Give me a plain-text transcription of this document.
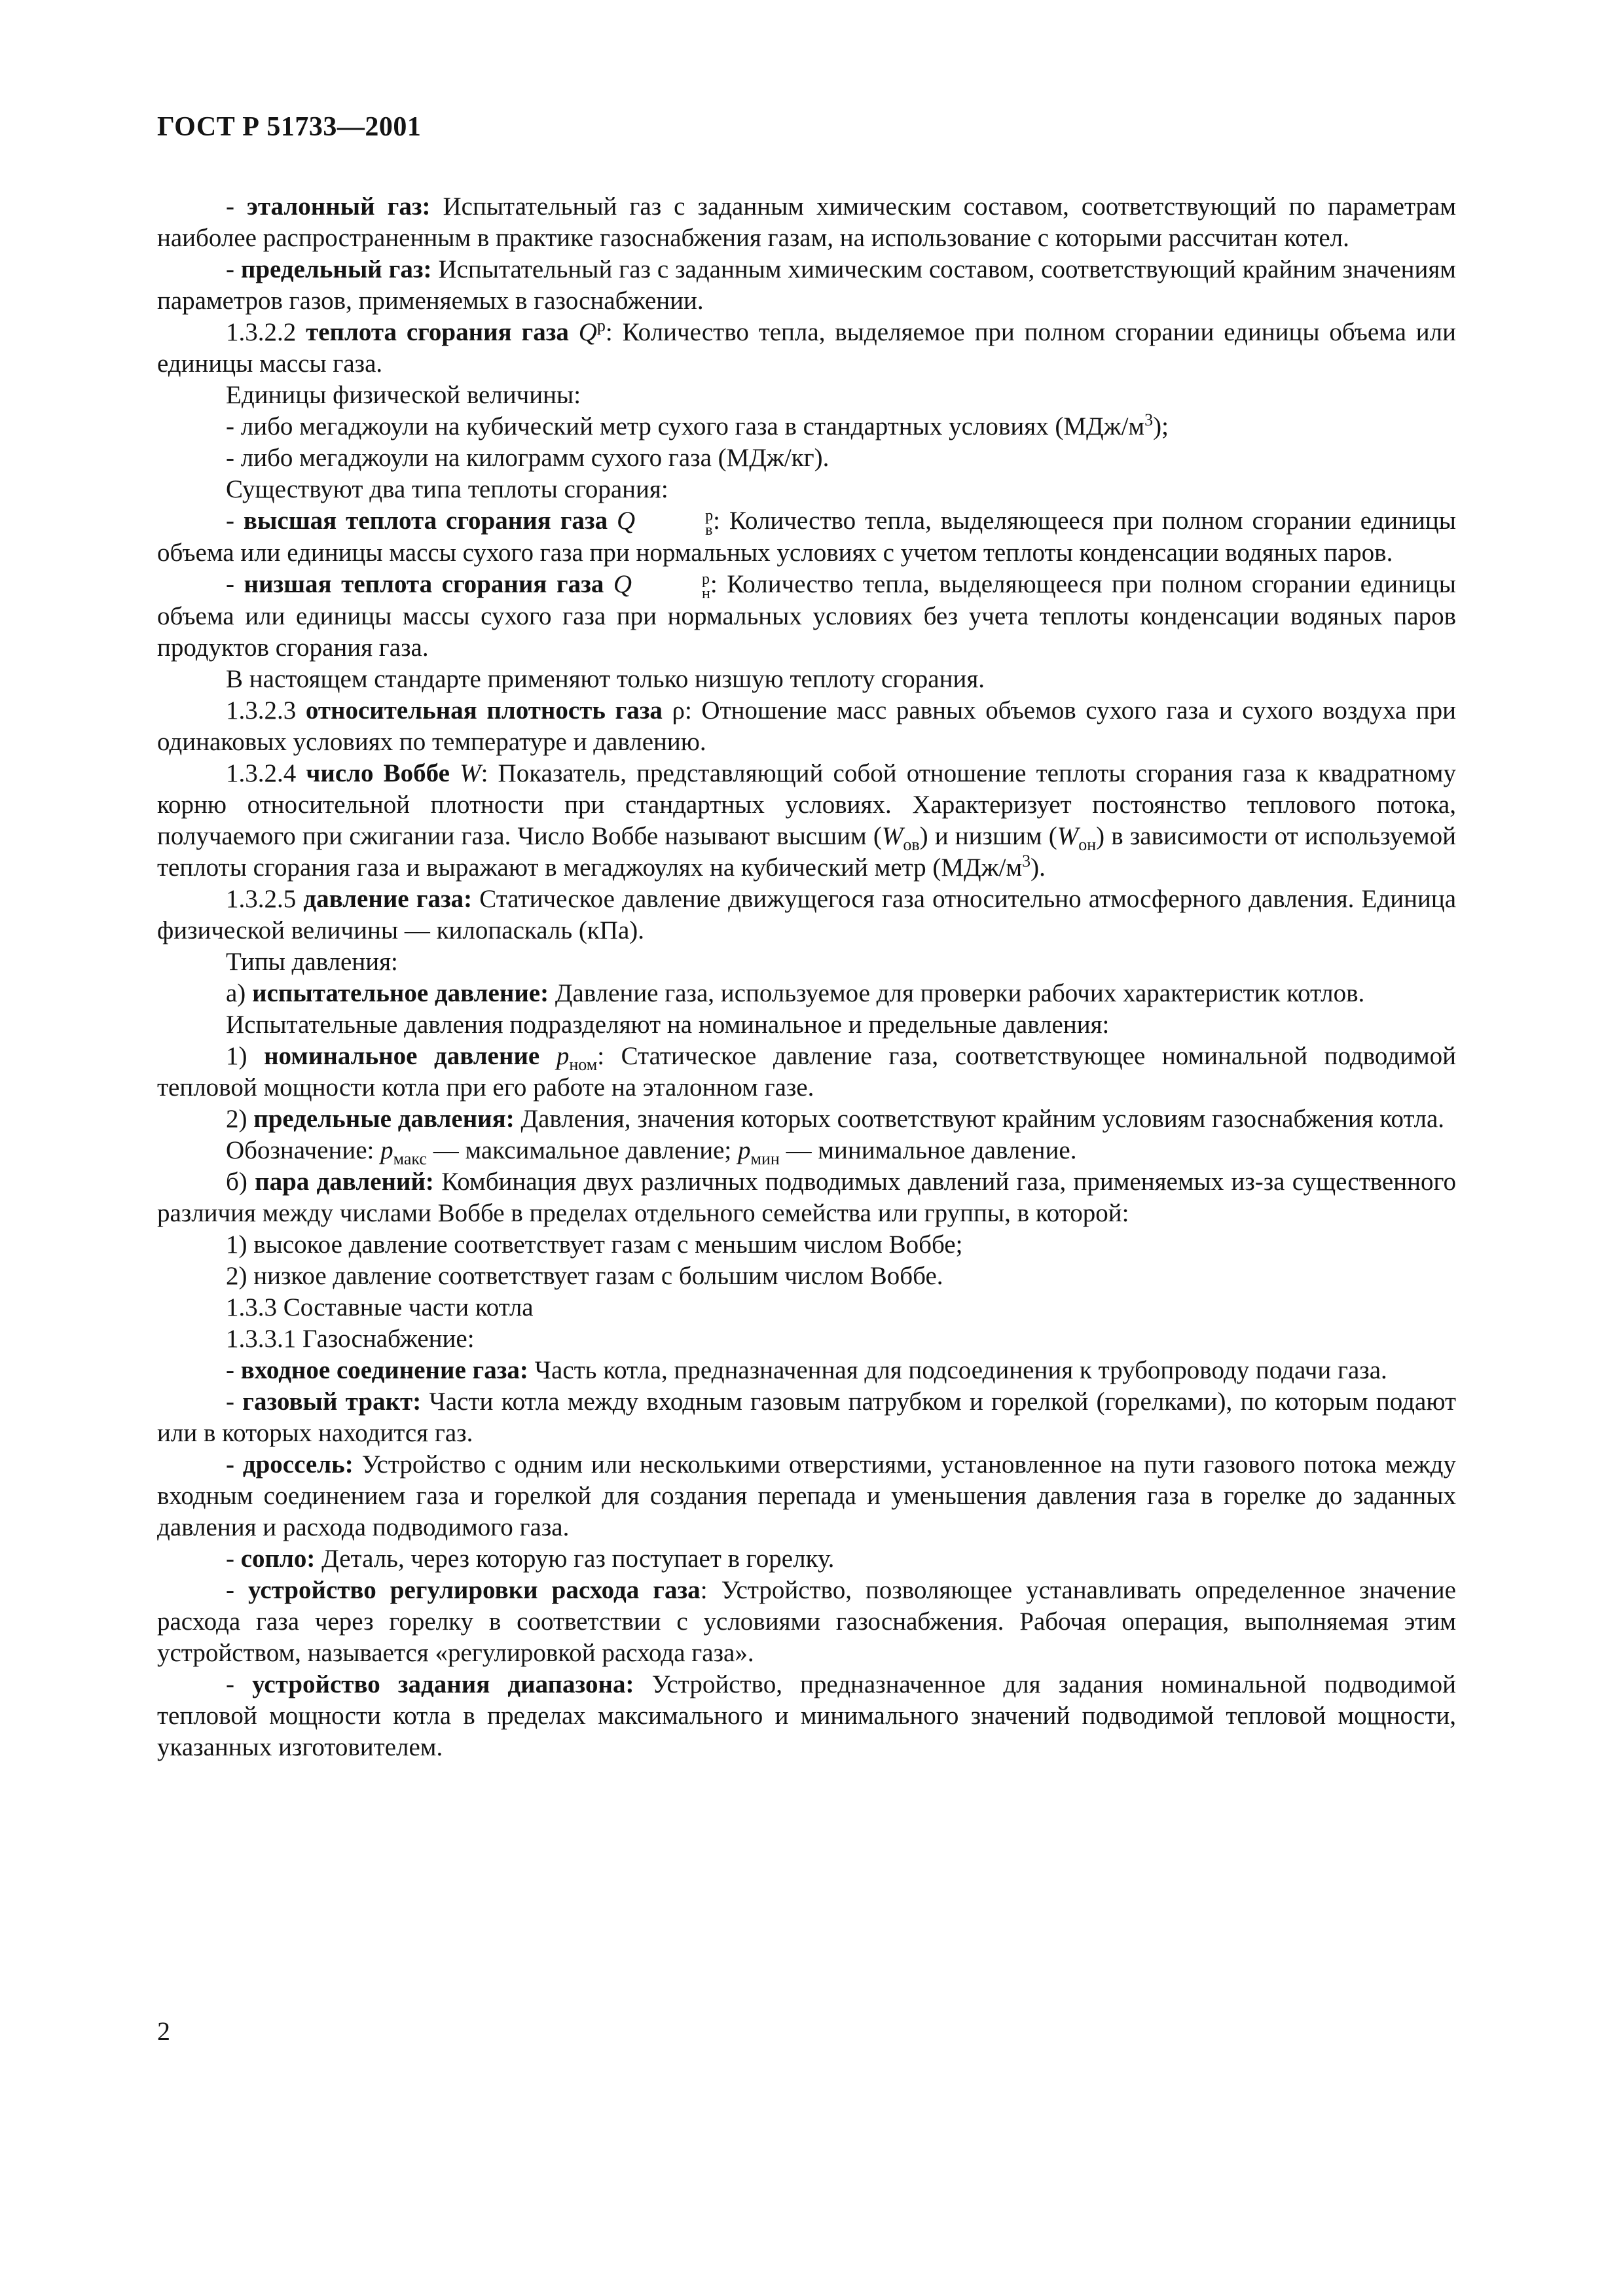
ГОСТ Р 51733—2001

- эталонный газ: Испытательный газ с заданным химическим составом, соответствующий по параметрам наиболее распространенным в практике газоснабжения газам, на использование с которыми рассчитан котел.

- предельный газ: Испытательный газ с заданным химическим составом, соответствующий крайним значениям параметров газов, применяемых в газоснабжении.

1.3.2.2 теплота сгорания газа $Q^p$: Количество тепла, выделяемое при полном сгорании единицы объема или единицы массы газа.

Единицы физической величины:

- либо мегаджоули на кубический метр сухого газа в стандартных условиях $(МДж/м^3)$;

- либо мегаджоули на килограмм сухого газа (МДж/кг).

Существуют два типа теплоты сгорания:

- высшая теплота сгорания газа Q	р
в : Количество тепла, выделяющееся при полном сгорании единицы объема или единицы массы сухого газа при нормальных условиях с учетом теплоты конденсации водяных паров.

- низшая теплота сгорания газа Q	р
н : Количество тепла, выделяющееся при полном сгорании единицы объема или единицы массы сухого газа при нормальных условиях без учета теплоты конденсации водяных паров продуктов сгорания газа.

В настоящем стандарте применяют только низшую теплоту сгорания.

1.3.2.3 относительная плотность газа ρ: Отношение масс равных объемов сухого газа и сухого воздуха при одинаковых условиях по температуре и давлению.

1.3.2.4 число Воббе W: Показатель, представляющий собой отношение теплоты сгорания газа к квадратному корню относительной плотности при стандартных условиях. Характеризует постоянство теплового потока, получаемого при сжигании газа. Число Воббе называют высшим $(W_{ов})$ и низшим $(W_{он})$ в зависимости от используемой теплоты сгорания газа и выражают в мегаджоулях на кубический метр $(МДж/м^3)$.

1.3.2.5 давление газа: Статическое давление движущегося газа относительно атмосферного давления. Единица физической величины — килопаскаль (кПа).

Типы давления:

а) испытательное давление: Давление газа, используемое для проверки рабочих характеристик котлов.

Испытательные давления подразделяют на номинальное и предельные давления:

1) номинальное давление $p_{ном}$: Статическое давление газа, соответствующее номинальной подводимой тепловой мощности котла при его работе на эталонном газе.

2) предельные давления: Давления, значения которых соответствуют крайним условиям газоснабжения котла.

Обозначение: $p_{макс}$ — максимальное давление; $p_{мин}$ — минимальное давление.

б) пара давлений: Комбинация двух различных подводимых давлений газа, применяемых из-за существенного различия между числами Воббе в пределах отдельного семейства или группы, в которой:

1) высокое давление соответствует газам с меньшим числом Воббе;

2) низкое давление соответствует газам с большим числом Воббе.

1.3.3 Составные части котла

1.3.3.1 Газоснабжение:

- входное соединение газа: Часть котла, предназначенная для подсоединения к трубопроводу подачи газа.

- газовый тракт: Части котла между входным газовым патрубком и горелкой (горелками), по которым подают или в которых находится газ.

- дроссель: Устройство с одним или несколькими отверстиями, установленное на пути газового потока между входным соединением газа и горелкой для создания перепада и уменьшения давления газа в горелке до заданных давления и расхода подводимого газа.

- сопло: Деталь, через которую газ поступает в горелку.

- устройство регулировки расхода газа: Устройство, позволяющее устанавливать определенное значение расхода газа через горелку в соответствии с условиями газоснабжения. Рабочая операция, выполняемая этим устройством, называется «регулировкой расхода газа».

- устройство задания диапазона: Устройство, предназначенное для задания номинальной подводимой тепловой мощности котла в пределах максимального и минимального значений подводимой тепловой мощности, указанных изготовителем.

2
